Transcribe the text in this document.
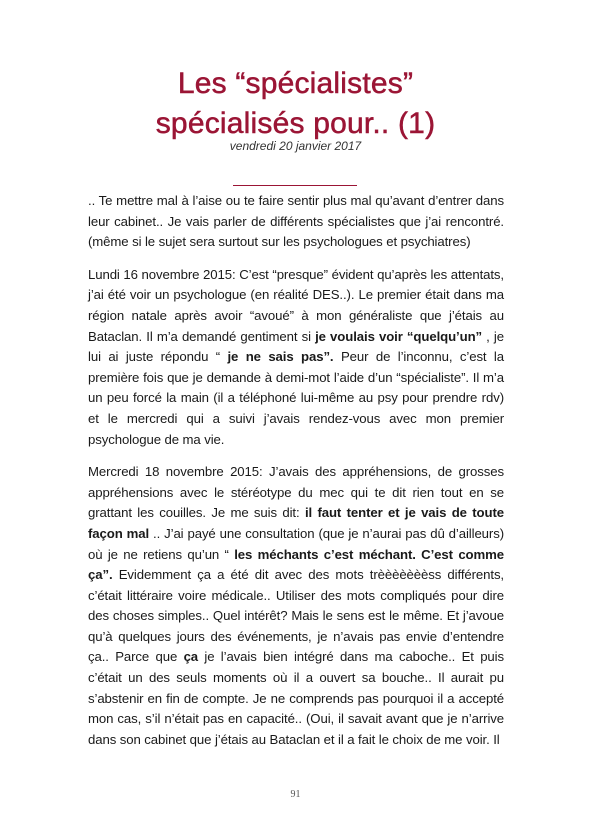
Les “spécialistes”
spécialisés pour.. (1)
vendredi 20 janvier 2017

.. Te mettre mal à l’aise ou te faire sentir plus mal qu’avant d’entrer dans leur cabinet.. Je vais parler de différents spécialistes que j’ai rencontré. (même si le sujet sera surtout sur les psychologues et psychiatres)

Lundi 16 novembre 2015: C’est “presque” évident qu’après les attentats, j’ai été voir un psychologue (en réalité DES..). Le premier était dans ma région natale après avoir “avoué” à mon généraliste que j’étais au Bataclan. Il m’a demandé gentiment si je voulais voir “quelqu’un” , je lui ai juste répondu “ je ne sais pas”. Peur de l’inconnu, c’est la première fois que je demande à demi-mot l’aide d’un “spécialiste”. Il m’a un peu forcé la main (il a téléphoné lui-même au psy pour prendre rdv) et le mercredi qui a suivi j’avais rendez-vous avec mon premier psychologue de ma vie.

Mercredi 18 novembre 2015: J’avais des appréhensions, de grosses appréhensions avec le stéréotype du mec qui te dit rien tout en se grattant les couilles. Je me suis dit: il faut tenter et je vais de toute façon mal .. J’ai payé une consultation (que je n’aurai pas dû d’ailleurs) où je ne retiens qu’un “ les méchants c’est méchant. C’est comme ça”. Evidemment ça a été dit avec des mots trèèèèèèèss différents, c’était littéraire voire médicale.. Utiliser des mots compliqués pour dire des choses simples.. Quel intérêt? Mais le sens est le même. Et j’avoue qu’à quelques jours des événements, je n’avais pas envie d’entendre ça.. Parce que ça je l’avais bien intégré dans ma caboche.. Et puis c’était un des seuls moments où il a ouvert sa bouche.. Il aurait pu s’abstenir en fin de compte. Je ne comprends pas pourquoi il a accepté mon cas, s’il n’était pas en capacité.. (Oui, il savait avant que je n’arrive dans son cabinet que j’étais au Bataclan et il a fait le choix de me voir. Il

91
